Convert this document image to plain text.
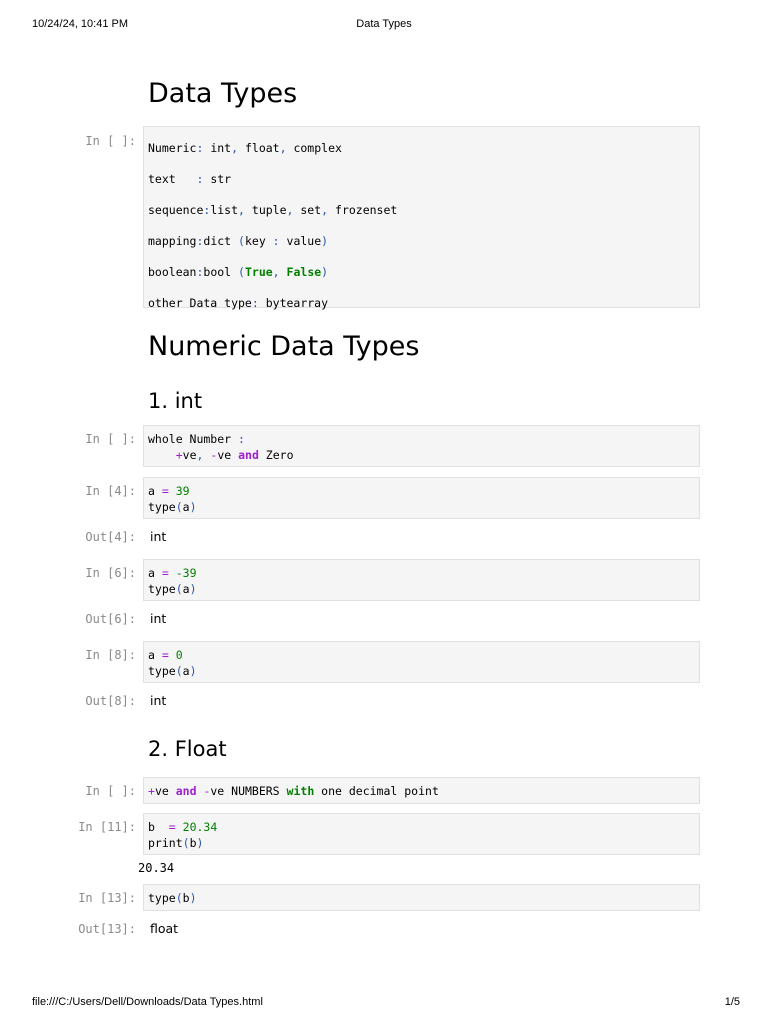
10/24/24, 10:41 PM	Data Types
Data Types
In [ ]:	Numeric: int, float, complex
text   : str
sequence:list, tuple, set, frozenset
mapping:dict (key : value)
boolean:bool (True, False)
other Data type: bytearray
Numeric Data Types
1. int
In [ ]:	whole Number :
+ve, -ve and Zero
In [4]:	a = 39
type(a)
Out[4]: int
In [6]:	a = -39
type(a)
Out[6]: int
In [8]:	a = 0
type(a)
Out[8]: int
2. Float
In [ ]:	+ve and -ve NUMBERS with one decimal point
In [11]:	b  = 20.34
print(b)
20.34
In [13]:	type(b)
Out[13]: float
file:///C:/Users/Dell/Downloads/Data Types.html	1/5
